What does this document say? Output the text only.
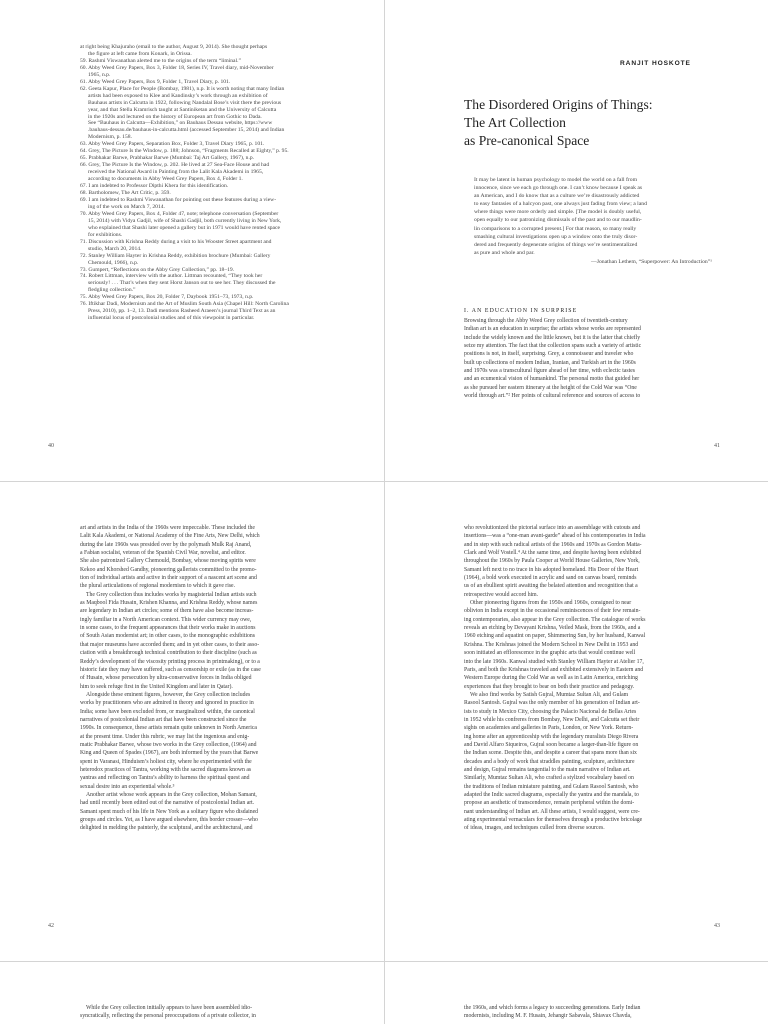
at right being Khajuraho (email to the author, August 9, 2014). She thought perhaps
the figure at left came from Konark, in Orissa.
59. Rashmi Viswanathan alerted me to the origins of the term “liminal.”
60. Abby Weed Grey Papers, Box 3, Folder 18, Series IV, Travel diary, mid-November
1965, n.p.
61. Abby Weed Grey Papers, Box 9, Folder 1, Travel Diary, p. 101.
62. Geeta Kapur, Place for People (Bombay, 1981), n.p. It is worth noting that many Indian
artists had been exposed to Klee and Kandinsky’s work through an exhibition of
Bauhaus artists in Calcutta in 1922, following Nandalal Bose’s visit there the previous
year, and that Stella Kramrisch taught at Santiniketan and the University of Calcutta
in the 1920s and lectured on the history of European art from Gothic to Dada.
See “Bauhaus in Calcutta—Exhibition,” on Bauhaus Dessau website, https://www
.bauhaus-dessau.de/bauhaus-in-calcutta.html (accessed September 15, 2014) and Indian
Modernism, p. 158.
63. Abby Weed Grey Papers, Separation Box, Folder 3, Travel Diary 1965, p. 101.
64. Grey, The Picture Is the Window, p. 188; Johnson, “Fragments Recalled at Eighty,” p. 95.
65. Prabhakar Barwe, Prabhakar Barwe (Mumbai: Taj Art Gallery, 1967), n.p.
66. Grey, The Picture Is the Window, p. 202. He lived at 27 Sea-Face House and had
received the National Award in Painting from the Lalit Kala Akademi in 1965,
according to documents in Abby Weed Grey Papers, Box 4, Folder 1.
67. I am indebted to Professor Dipthi Khera for this identification.
68. Bartholomew, The Art Critic, p. 359.
69. I am indebted to Rashmi Viswanathan for pointing out these features during a view-
ing of the work on March 7, 2014.
70. Abby Weed Grey Papers, Box 4, Folder 47, note; telephone conversation (September
15, 2014) with Vidya Gadjil, wife of Shashi Gadjil, both currently living in New York,
who explained that Shashi later opened a gallery but in 1971 would have rented space
for exhibitions.
71. Discussion with Krishna Reddy during a visit to his Wooster Street apartment and
studio, March 20, 2014.
72. Stanley William Hayter in Krishna Reddy, exhibition brochure (Mumbai: Gallery
Chemould, 1966), n.p.
73. Gumpert, “Reflections on the Abby Grey Collection,” pp. 18–19.
74. Robert Littman, interview with the author. Littman recounted, “They took her
seriously! . . . That’s when they sent Horst Janson out to see her. They discussed the
fledgling collection.”
75. Abby Weed Grey Papers, Box 20, Folder 7, Daybook 1951–73, 1973, n.p.
76. Iftikhar Dadi, Modernism and the Art of Muslim South Asia (Chapel Hill: North Carolina
Press, 2010), pp. 1–2, 13. Dadi mentions Rasheed Araeen’s journal Third Text as an
influential locus of postcolonial studies and of this viewpoint in particular.
40
RANJIT HOSKOTE
The Disordered Origins of Things:
The Art Collection
as Pre-canonical Space
It may be latent in human psychology to model the world on a fall from
innocence, since we each go through one. I can’t know because I speak as
an American, and I do know that as a culture we’re disastrously addicted
to easy fantasies of a halcyon past, one always just fading from view; a land
where things were more orderly and simple. [The model is doubly useful,
open equally to our patronizing dismissals of the past and to our maudlin-
lin comparisons to a corrupted present.] For that reason, so many really
smashing cultural investigations open up a window onto the truly disor-
dered and frequently degenerate origins of things we’re sentimentalized
as pure and whole and par.
—Jonathan Lethem, “Superpower: An Introduction”¹
I. AN EDUCATION IN SURPRISE
Browsing through the Abby Weed Grey collection of twentieth-century
Indian art is an education in surprise; the artists whose works are represented
include the widely known and the little known, but it is the latter that chiefly
seize my attention. The fact that the collection spans such a variety of artistic
positions is not, in itself, surprising. Grey, a connoisseur and traveler who
built up collections of modern Indian, Iranian, and Turkish art in the 1960s
and 1970s was a transcultural figure ahead of her time, with eclectic tastes
and an ecumenical vision of humankind. The personal motto that guided her
as she pursued her eastern itinerary at the height of the Cold War was “One
world through art.”² Her points of cultural reference and sources of access to
41
art and artists in the India of the 1960s were impeccable. These included the
Lalit Kala Akademi, or National Academy of the Fine Arts, New Delhi, which
during the late 1960s was presided over by the polymath Mulk Raj Anand,
a Fabian socialist, veteran of the Spanish Civil War, novelist, and editor.
She also patronized Gallery Chemould, Bombay, whose moving spirits were
Kekoo and Khorshed Gandhy, pioneering gallerists committed to the promo-
tion of individual artists and active in their support of a nascent art scene and
the plural articulations of regional modernism to which it gave rise.
The Grey collection thus includes works by magisterial Indian artists such
as Maqbool Fida Husain, Krishen Khanna, and Krishna Reddy, whose names
are legendary in Indian art circles; some of them have also become increas-
ingly familiar in a North American context. This wider currency may owe,
in some cases, to the frequent appearances that their works make in auctions
of South Asian modernist art; in other cases, to the monographic exhibitions
that major museums have accorded them; and in yet other cases, to their asso-
ciation with a breakthrough technical contribution to their discipline (such as
Reddy’s development of the viscosity printing process in printmaking), or to a
historic fate they may have suffered, such as censorship or exile (as in the case
of Husain, whose persecution by ultra-conservative forces in India obliged
him to seek refuge first in the United Kingdom and later in Qatar).
Alongside these eminent figures, however, the Grey collection includes
works by practitioners who are admired in theory and ignored in practice in
India; some have been excluded from, or marginalized within, the canonical
narratives of postcolonial Indian art that have been constructed since the
1990s. In consequence, these artists remain quite unknown in North America
at the present time. Under this rubric, we may list the ingenious and enig-
matic Prabhakar Barwe, whose two works in the Grey collection, (1964) and
King and Queen of Spades (1967), are both informed by the years that Barwe
spent in Varanasi, Hinduism’s holiest city, where he experimented with the
heterodox practices of Tantra, working with the sacred diagrams known as
yantras and reflecting on Tantra’s ability to harness the spiritual quest and
sexual desire into an experiential whole.³
Another artist whose work appears in the Grey collection, Mohan Samant,
had until recently been edited out of the narrative of postcolonial Indian art.
Samant spent much of his life in New York as a solitary figure who disdained
groups and circles. Yet, as I have argued elsewhere, this border crosser—who
delighted in melding the painterly, the sculptural, and the architectural, and
42
who revolutionized the pictorial surface into an assemblage with cutouts and
insertions—was a “one-man avant-garde” ahead of his contemporaries in India
and in step with such radical artists of the 1960s and 1970s as Gordon Matta-
Clark and Wolf Vostell.⁴ At the same time, and despite having been exhibited
throughout the 1960s by Paula Cooper at World House Galleries, New York,
Samant left next to no trace in his adopted homeland. His Door of the Heart
(1964), a bold work executed in acrylic and sand on canvas board, reminds
us of an ebullient spirit awaiting the belated attention and recognition that a
retrospective would accord him.
Other pioneering figures from the 1950s and 1960s, consigned to near
oblivion in India except in the occasional reminiscences of their few remain-
ing contemporaries, also appear in the Grey collection. The catalogue of works
reveals an etching by Devayani Krishna, Veiled Mask, from the 1960s, and a
1960 etching and aquatint on paper, Shimmering Sun, by her husband, Kanwal
Krishna. The Krishnas joined the Modern School in New Delhi in 1953 and
soon initiated an efflorescence in the graphic arts that would continue well
into the late 1960s. Kanwal studied with Stanley William Hayter at Atelier 17,
Paris, and both the Krishnas traveled and exhibited extensively in Eastern and
Western Europe during the Cold War as well as in Latin America, enriching
experiences that they brought to bear on both their practice and pedagogy.
We also find works by Satish Gujral, Mumtaz Sultan Ali, and Gulam
Rasool Santosh. Gujral was the only member of his generation of Indian art-
ists to study in Mexico City, choosing the Palacio Nacional de Bellas Artes
in 1952 while his confreres from Bombay, New Delhi, and Calcutta set their
sights on academies and galleries in Paris, London, or New York. Return-
ing home after an apprenticeship with the legendary muralists Diego Rivera
and David Alfaro Siqueiros, Gujral soon became a larger-than-life figure on
the Indian scene. Despite this, and despite a career that spans more than six
decades and a body of work that straddles painting, sculpture, architecture
and design, Gujral remains tangential to the main narrative of Indian art.
Similarly, Mumtaz Sultan Ali, who crafted a stylized vocabulary based on
the traditions of Indian miniature painting, and Gulam Rasool Santosh, who
adapted the Indic sacred diagrams, especially the yantra and the mandala, to
propose an aesthetic of transcendence, remain peripheral within the domi-
nant understanding of Indian art. All these artists, I would suggest, were cre-
ating experimental vernaculars for themselves through a productive bricolage
of ideas, images, and techniques culled from diverse sources.
43
While the Grey collection initially appears to have been assembled idio-
syncratically, reflecting the personal preoccupations of a private collector, in
the 1960s, and which forms a legacy to succeeding generations. Early Indian
modernists, including M. F. Husain, Jehangir Sabavala, Shiavax Chavda,
